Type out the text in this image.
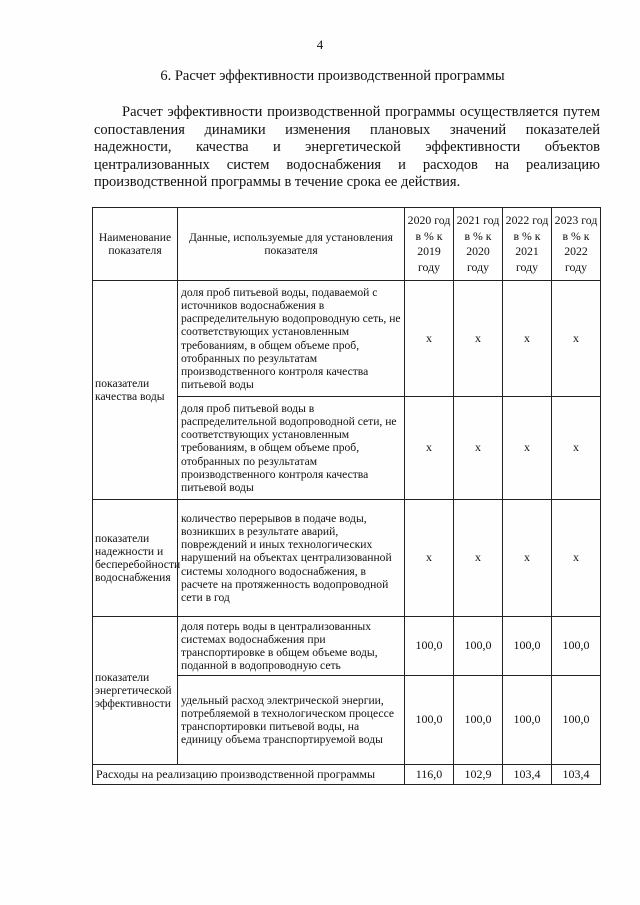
4
6. Расчет эффективности производственной программы

Расчет эффективности производственной программы осуществляется путем сопоставления динамики изменения плановых значений показателей надежности, качества и энергетической эффективности объектов централизованных систем водоснабжения и расходов на реализацию производственной программы в течение срока ее действия.

Наименование показателя	Данные, используемые для установления показателя	2020 год в % к 2019 году	2021 год в % к 2020 году	2022 год в % к 2021 году	2023 год в % к 2022 году
показатели качества воды	доля проб питьевой воды, подаваемой с источников водоснабжения в распределительную водопроводную сеть, не соответствующих установленным требованиям, в общем объеме проб, отобранных по результатам производственного контроля качества питьевой воды	х	х	х	х
	доля проб питьевой воды в распределительной водопроводной сети, не соответствующих установленным требованиям, в общем объеме проб, отобранных по результатам производственного контроля качества питьевой воды	х	х	х	х
показатели надежности и бесперебойности водоснабжения	количество перерывов в подаче воды, возникших в результате аварий, повреждений и иных технологических нарушений на объектах централизованной системы холодного водоснабжения, в расчете на протяженность водопроводной сети в год	х	х	х	х
показатели энергетической эффективности	доля потерь воды в централизованных системах водоснабжения при транспортировке в общем объеме воды, поданной в водопроводную сеть	100,0	100,0	100,0	100,0
	удельный расход электрической энергии, потребляемой в технологическом процессе транспортировки питьевой воды, на единицу объема транспортируемой воды	100,0	100,0	100,0	100,0
Расходы на реализацию производственной программы		116,0	102,9	103,4	103,4
